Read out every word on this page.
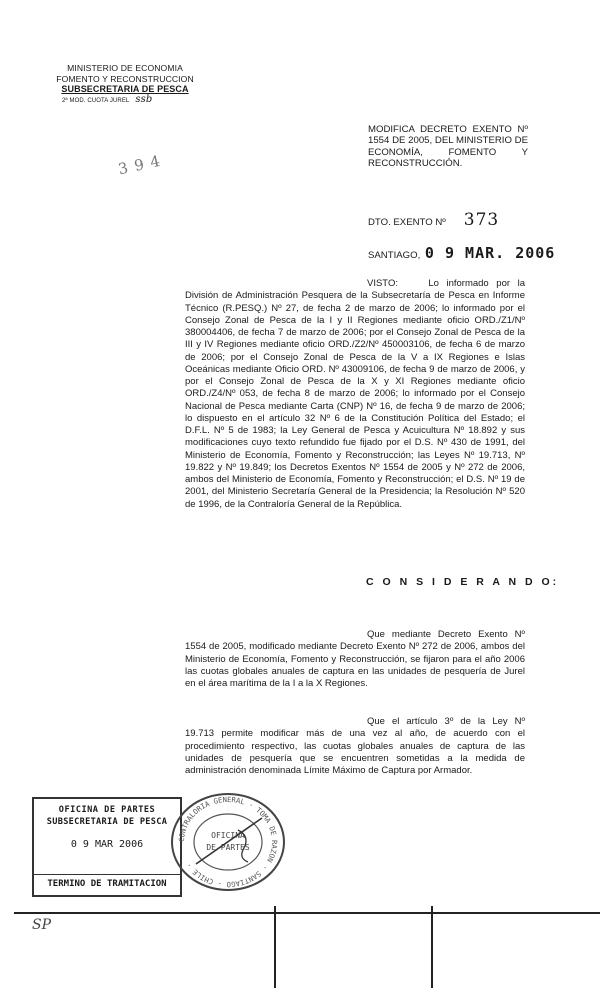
MINISTERIO DE ECONOMIA
FOMENTO Y RECONSTRUCCION
SUBSECRETARIA DE PESCA
2ª MOD. CUOTA JUREL ssb
3 9 4
MODIFICA DECRETO EXENTO Nº 1554 DE 2005, DEL MINISTERIO DE ECONOMÍA, FOMENTO Y RECONSTRUCCIÓN.
DTO. EXENTO Nº 373
SANTIAGO, 0 9 MAR. 2006
VISTO:	Lo informado por la División de Administración Pesquera de la Subsecretaría de Pesca en Informe Técnico (R.PESQ.) Nº 27, de fecha 2 de marzo de 2006; lo informado por el Consejo Zonal de Pesca de la I y II Regiones mediante oficio ORD./Z1/Nº 380004406, de fecha 7 de marzo de 2006; por el Consejo Zonal de Pesca de la III y IV Regiones mediante oficio ORD./Z2/Nº 450003106, de fecha 6 de marzo de 2006; por el Consejo Zonal de Pesca de la V a IX Regiones e Islas Oceánicas mediante Oficio ORD. Nº 43009106, de fecha 9 de marzo de 2006, y por el Consejo Zonal de Pesca de la X y XI Regiones mediante oficio ORD./Z4/Nº 053, de fecha 8 de marzo de 2006; lo informado por el Consejo Nacional de Pesca mediante Carta (CNP) Nº 16, de fecha 9 de marzo de 2006; lo dispuesto en el artículo 32 Nº 6 de la Constitución Política del Estado; el D.F.L. Nº 5 de 1983; la Ley General de Pesca y Acuicultura Nº 18.892 y sus modificaciones cuyo texto refundido fue fijado por el D.S. Nº 430 de 1991, del Ministerio de Economía, Fomento y Reconstrucción; las Leyes Nº 19.713, Nº 19.822 y Nº 19.849; los Decretos Exentos Nº 1554 de 2005 y Nº 272 de 2006, ambos del Ministerio de Economía, Fomento y Reconstrucción; el D.S. Nº 19 de 2001, del Ministerio Secretaría General de la Presidencia; la Resolución Nº 520 de 1996, de la Contraloría General de la República.
C O N S I D E R A N D O:
Que mediante Decreto Exento Nº 1554 de 2005, modificado mediante Decreto Exento Nº 272 de 2006, ambos del Ministerio de Economía, Fomento y Reconstrucción, se fijaron para el año 2006 las cuotas globales anuales de captura en las unidades de pesquería de Jurel en el área marítima de la I a la X Regiones.
Que el artículo 3º de la Ley Nº 19.713 permite modificar más de una vez al año, de acuerdo con el procedimiento respectivo, las cuotas globales anuales de captura de las unidades de pesquería que se encuentren sometidas a la medida de administración denominada Límite Máximo de Captura por Armador.
OFICINA DE PARTES
SUBSECRETARIA DE PESCA
0 9 MAR 2006
TERMINO DE TRAMITACION
CONTRALORIA GENERAL · TOMA DE RAZON · SANTIAGO - CHILE ·
OFICINA
DE PARTES
SP
